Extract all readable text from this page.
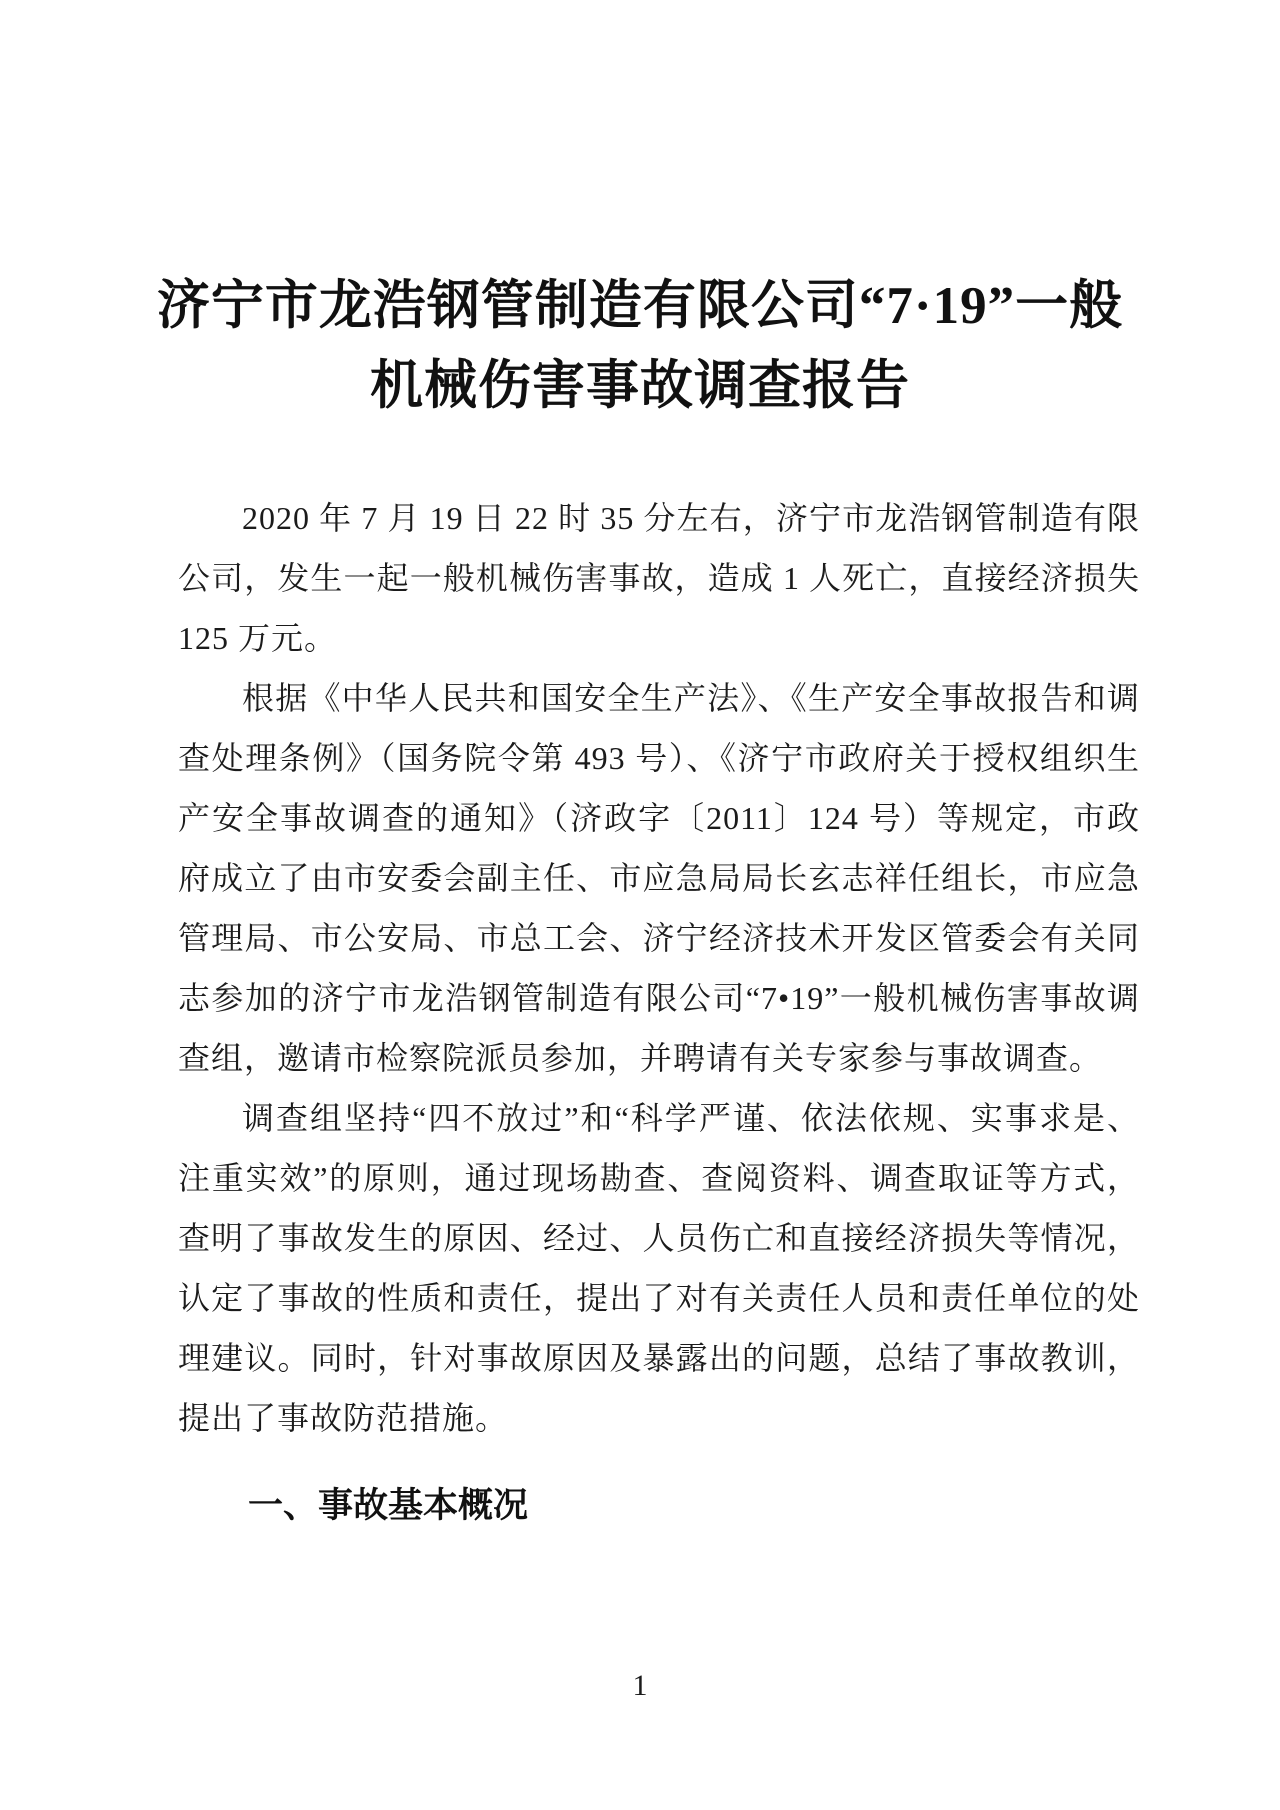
济宁市龙浩钢管制造有限公司“7·19”一般
机械伤害事故调查报告

2020 年 7 月 19 日 22 时 35 分左右，济宁市龙浩钢管制造有限公司，发生一起一般机械伤害事故，造成 1 人死亡，直接经济损失 125 万元。

根据《中华人民共和国安全生产法》、《生产安全事故报告和调查处理条例》（国务院令第 493 号）、《济宁市政府关于授权组织生产安全事故调查的通知》（济政字〔2011〕124 号）等规定，市政府成立了由市安委会副主任、市应急局局长玄志祥任组长，市应急管理局、市公安局、市总工会、济宁经济技术开发区管委会有关同志参加的济宁市龙浩钢管制造有限公司“7•19”一般机械伤害事故调查组，邀请市检察院派员参加，并聘请有关专家参与事故调查。

调查组坚持“四不放过”和“科学严谨、依法依规、实事求是、注重实效”的原则，通过现场勘查、查阅资料、调查取证等方式，查明了事故发生的原因、经过、人员伤亡和直接经济损失等情况，认定了事故的性质和责任，提出了对有关责任人员和责任单位的处理建议。同时，针对事故原因及暴露出的问题，总结了事故教训，提出了事故防范措施。

一、事故基本概况
1
